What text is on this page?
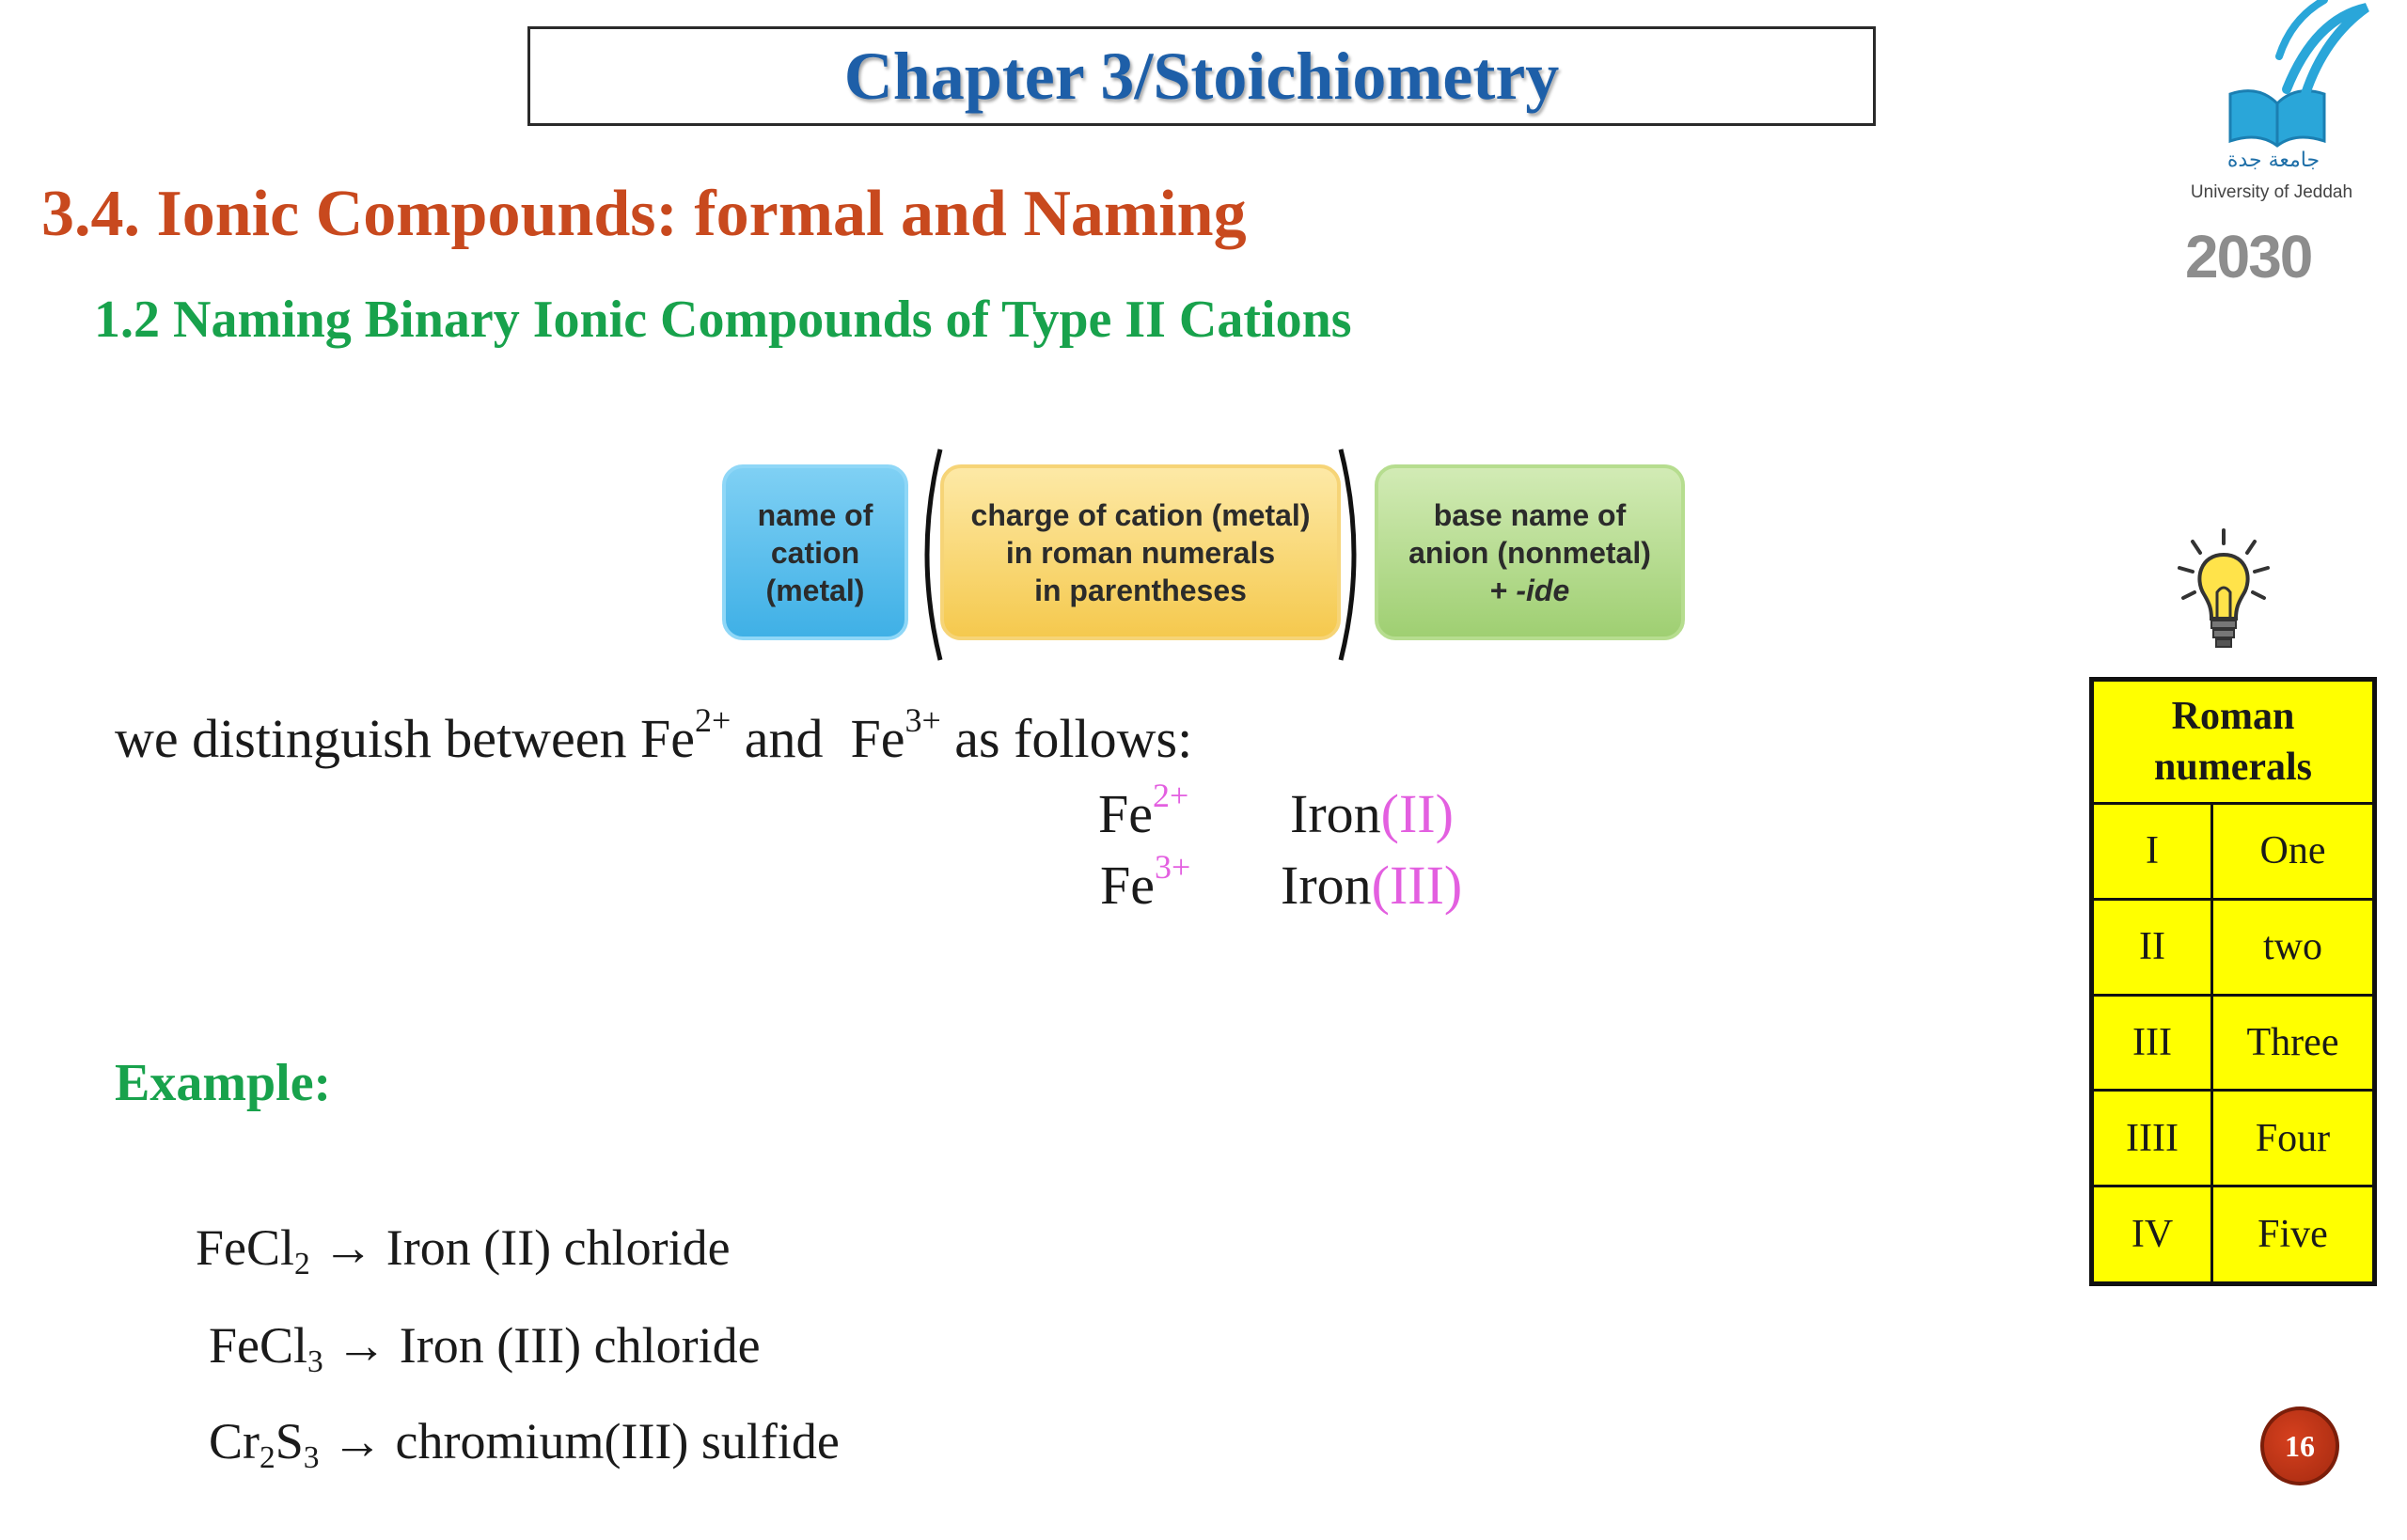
Chapter 3/Stoichiometry
جامعة جدة
University of Jeddah
2030
3.4. Ionic Compounds: formal and Naming
1.2 Naming Binary Ionic Compounds of Type II Cations
name of
cation
(metal)
charge of cation (metal)
in roman numerals
in parentheses
base name of
anion (nonmetal)
+ -ide
we distinguish between $Fe^{2+}$ and  $Fe^{3+}$ as follows:
$Fe^{2+}$ Iron(II)
$Fe^{3+}$ Iron(III)
Example:
FeCl$_2$ → Iron (II) chloride
FeCl$_3$ → Iron (III) chloride
$Cr_2S_3$ → chromium(III) sulfide
Roman
numerals	
I	One
II	two
III	Three
IIII	Four
IV	Five
16
